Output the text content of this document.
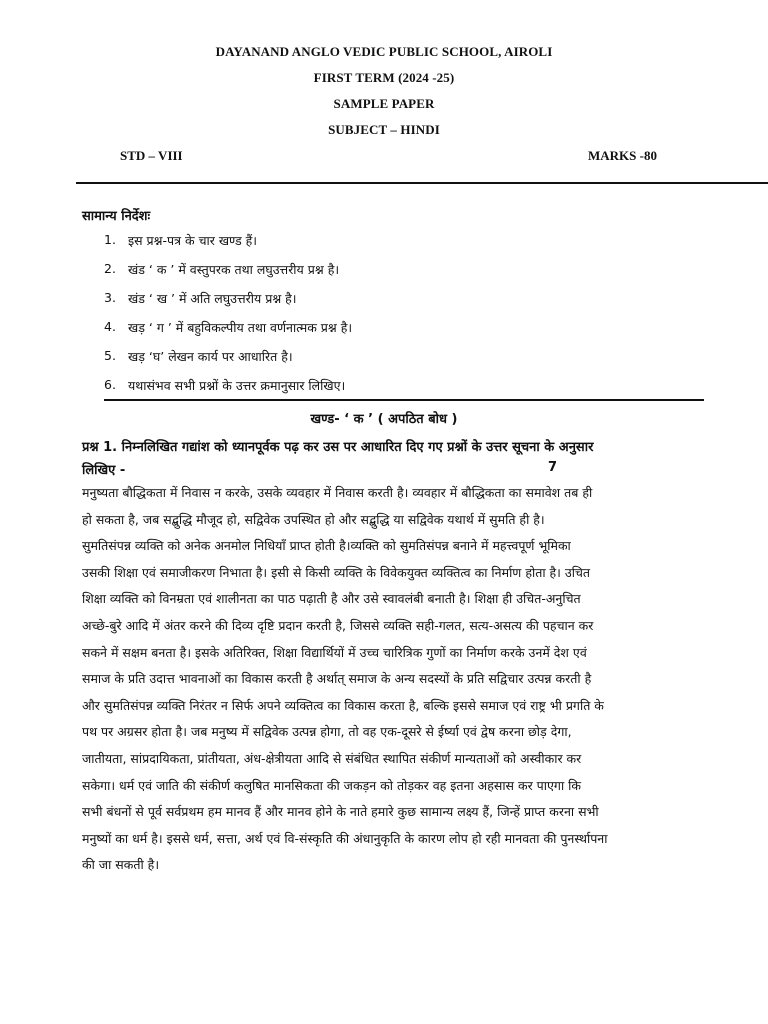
DAYANAND ANGLO VEDIC PUBLIC SCHOOL, AIROLI
FIRST TERM (2024 -25)
SAMPLE PAPER
SUBJECT – HINDI
STD – VIII	MARKS -80
सामान्य निर्देशः
1. इस प्रश्न-पत्र के चार खण्ड हैं।
2. खंड ‘ क ’ में वस्तुपरक तथा लघुउत्तरीय प्रश्न है।
3. खंड ‘ ख ’ में अति लघुउत्तरीय प्रश्न है।
4. खड़ ‘ ग ’ में बहुविकल्पीय तथा वर्णनात्मक प्रश्न है।
5. खड़ ‘घ’ लेखन कार्य पर आधारित है।
6. यथासंभव सभी प्रश्नों के उत्तर क्रमानुसार लिखिए।
खण्ड- ‘ क ’ ( अपठित बोध )
प्रश्न 1. निम्नलिखित गद्यांश को ध्यानपूर्वक पढ़ कर उस पर आधारित दिए गए प्रश्नों के उत्तर सूचना के अनुसार
लिखिए -	7
मनुष्यता बौद्धिकता में निवास न करके, उसके व्यवहार में निवास करती है। व्यवहार में बौद्धिकता का समावेश तब ही
हो सकता है, जब सद्बुद्धि मौजूद हो, सद्विवेक उपस्थित हो और सद्बुद्धि या सद्विवेक यथार्थ में सुमति ही है।
सुमतिसंपन्न व्यक्ति को अनेक अनमोल निधियाँ प्राप्त होती है।व्यक्ति को सुमतिसंपन्न बनाने में महत्त्वपूर्ण भूमिका
उसकी शिक्षा एवं समाजीकरण निभाता है। इसी से किसी व्यक्ति के विवेकयुक्त व्यक्तित्व का निर्माण होता है। उचित
शिक्षा व्यक्ति को विनम्रता एवं शालीनता का पाठ पढ़ाती है और उसे स्वावलंबी बनाती है। शिक्षा ही उचित-अनुचित
अच्छे-बुरे आदि में अंतर करने की दिव्य दृष्टि प्रदान करती है, जिससे व्यक्ति सही-गलत, सत्य-असत्य की पहचान कर
सकने में सक्षम बनता है। इसके अतिरिक्त, शिक्षा विद्यार्थियों में उच्च चारित्रिक गुणों का निर्माण करके उनमें देश एवं
समाज के प्रति उदात्त भावनाओं का विकास करती है अर्थात् समाज के अन्य सदस्यों के प्रति सद्विचार उत्पन्न करती है
और सुमतिसंपन्न व्यक्ति निरंतर न सिर्फ अपने व्यक्तित्व का विकास करता है, बल्कि इससे समाज एवं राष्ट्र भी प्रगति के
पथ पर अग्रसर होता है। जब मनुष्य में सद्विवेक उत्पन्न होगा, तो वह एक-दूसरे से ईर्ष्या एवं द्वेष करना छोड़ देगा,
जातीयता, सांप्रदायिकता, प्रांतीयता, अंध-क्षेत्रीयता आदि से संबंधित स्थापित संकीर्ण मान्यताओं को अस्वीकार कर
सकेगा। धर्म एवं जाति की संकीर्ण कलुषित मानसिकता की जकड़न को तोड़कर वह इतना अहसास कर पाएगा कि
सभी बंधनों से पूर्व सर्वप्रथम हम मानव हैं और मानव होने के नाते हमारे कुछ सामान्य लक्ष्य हैं, जिन्हें प्राप्त करना सभी
मनुष्यों का धर्म है। इससे धर्म, सत्ता, अर्थ एवं वि-संस्कृति की अंधानुकृति के कारण लोप हो रही मानवता की पुनर्स्थापना
की जा सकती है।
